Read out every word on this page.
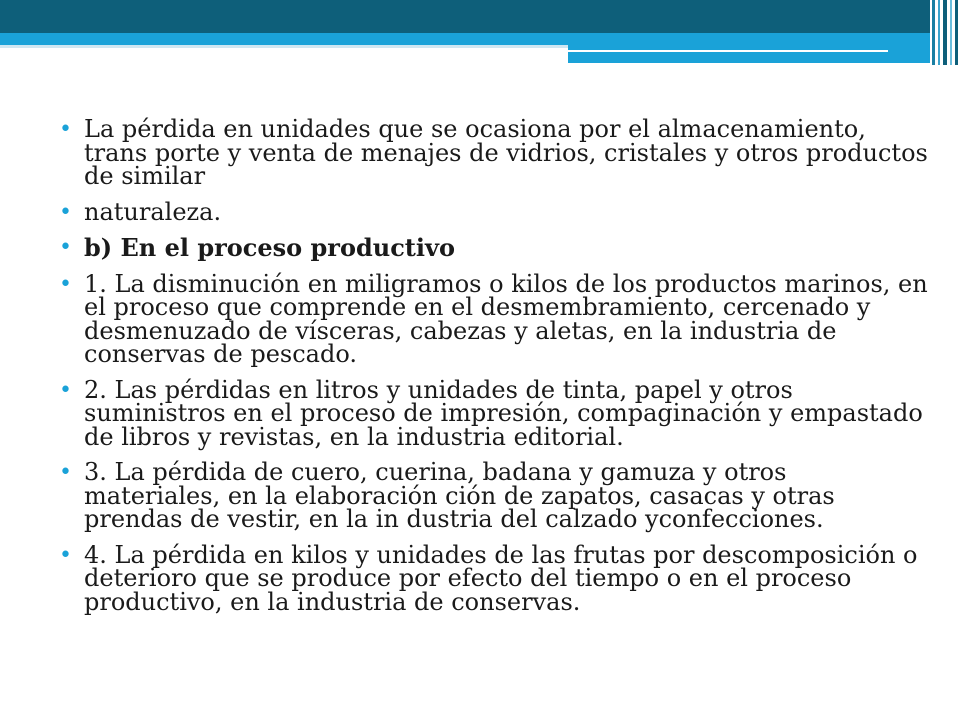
• La pérdida en unidades que se ocasiona por el almacenamiento, trans porte y venta de menajes de vidrios, cristales y otros productos de similar
• naturaleza.
• b) En el proceso productivo
• 1. La disminución en miligramos o kilos de los productos marinos, en el proceso que comprende en el desmembramiento, cercenado y desmenuzado de vísceras, cabezas y aletas, en la industria de conservas de pescado.
• 2. Las pérdidas en litros y unidades de tinta, papel y otros suministros en el proceso de impresión, compaginación y empastado de libros y revistas, en la industria editorial.
• 3. La pérdida de cuero, cuerina, badana y gamuza y otros materiales, en la elaboración ción de zapatos, casacas y otras prendas de vestir, en la in dustria del calzado yconfecciones.
• 4. La pérdida en kilos y unidades de las frutas por descomposición o deterioro que se produce por efecto del tiempo o en el proceso productivo, en la industria de conservas.
